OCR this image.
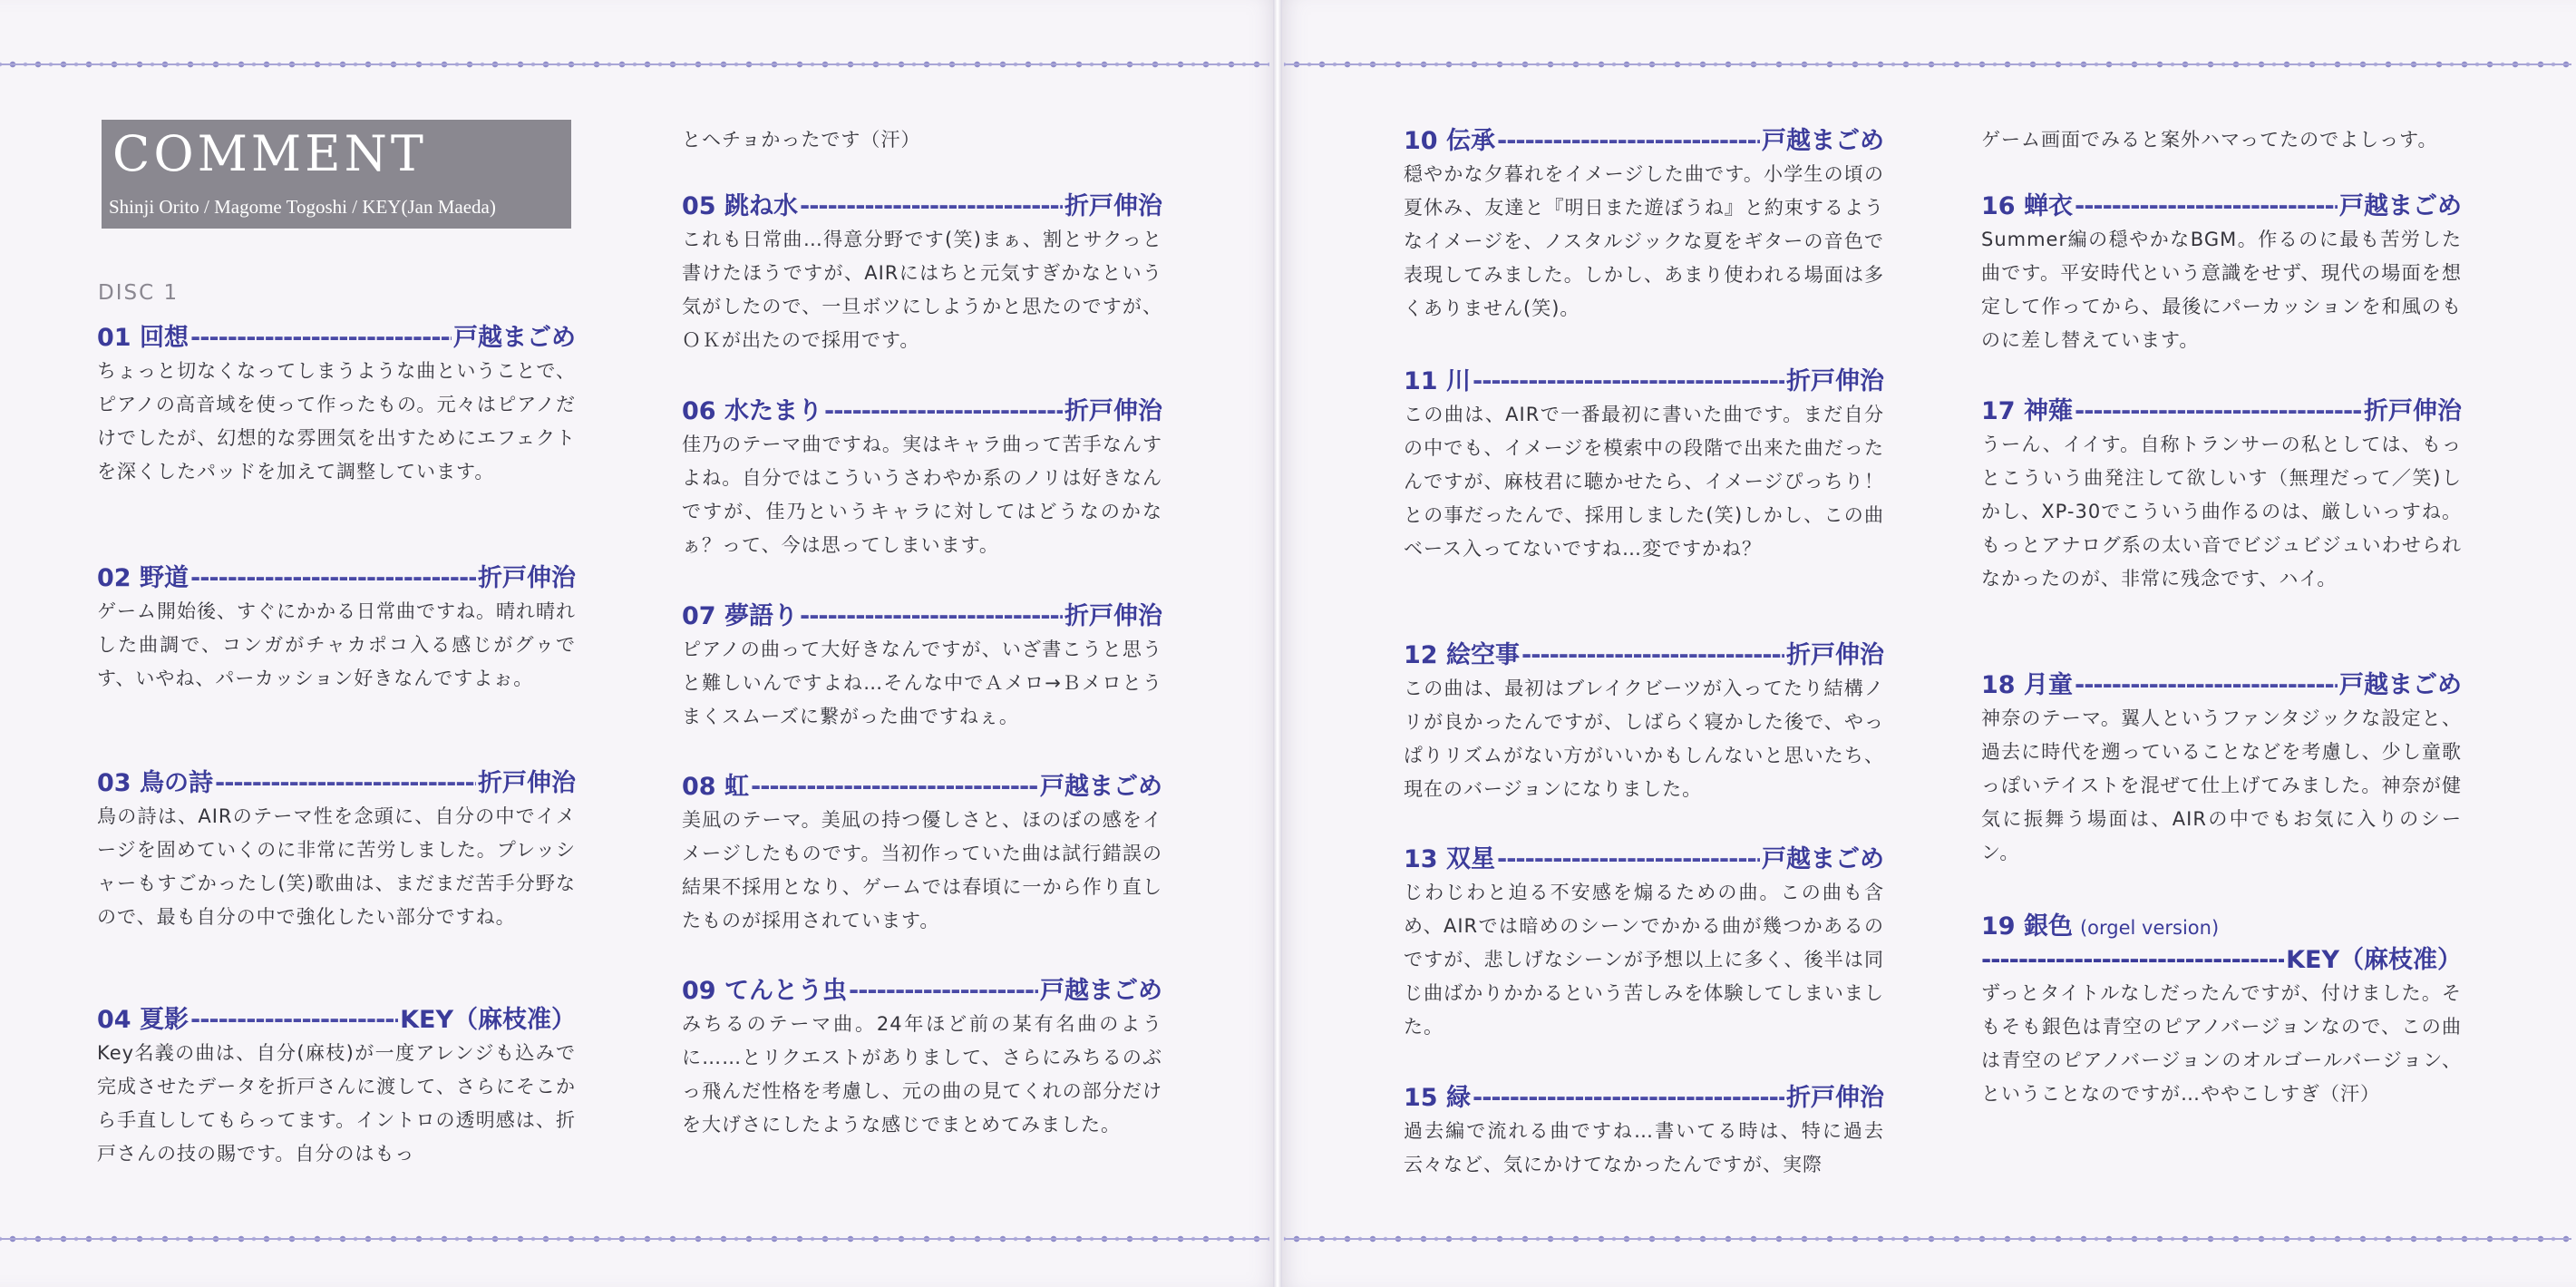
COMMENT
Shinji Orito / Magome Togoshi / KEY(Jan Maeda)
DISC 1
01
回想 -----	戸越まごめ
ちょっと切なくなってしまうような曲ということで、ピアノの高音域を使って作ったもの。元々はピアノだけでしたが、幻想的な雰囲気を出すためにエフェクトを深くしたパッドを加えて調整しています。
02
野道 -----	折戸伸治
ゲーム開始後、すぐにかかる日常曲ですね。晴れ晴れした曲調で、コンガがチャカポコ入る感じがグゥです、いやね、パーカッション好きなんですよぉ。
03
鳥の詩 -----	折戸伸治
鳥の詩は、AIRのテーマ性を念頭に、自分の中でイメージを固めていくのに非常に苦労しました。プレッシャーもすごかったし(笑)歌曲は、まだまだ苦手分野なので、最も自分の中で強化したい部分ですね。
04
夏影 -----	KEY（麻枝准）
Key名義の曲は、自分(麻枝)が一度アレンジも込みで完成させたデータを折戸さんに渡して、さらにそこから手直ししてもらってます。イントロの透明感は、折戸さんの技の賜です。自分のはもっ
とヘチョかったです（汗）
05
跳ね水 -----	折戸伸治
これも日常曲…得意分野です(笑)まぁ、割とサクっと書けたほうですが、AIRにはちと元気すぎかなという気がしたので、一旦ボツにしようかと思たのですが、ＯＫが出たので採用です。
06
水たまり -----	折戸伸治
佳乃のテーマ曲ですね。実はキャラ曲って苦手なんすよね。自分ではこういうさわやか系のノリは好きなんですが、佳乃というキャラに対してはどうなのかなぁ？って、今は思ってしまいます。
07
夢語り -----	折戸伸治
ピアノの曲って大好きなんですが、いざ書こうと思うと難しいんですよね…そんな中でＡメロ→Ｂメロとうまくスムーズに繋がった曲ですねぇ。
08
虹 -----	戸越まごめ
美凪のテーマ。美凪の持つ優しさと、ほのぼの感をイメージしたものです。当初作っていた曲は試行錯誤の結果不採用となり、ゲームでは春頃に一から作り直したものが採用されています。
09
てんとう虫 -----	戸越まごめ
みちるのテーマ曲。24年ほど前の某有名曲のように……とリクエストがありまして、さらにみちるのぶっ飛んだ性格を考慮し、元の曲の見てくれの部分だけを大げさにしたような感じでまとめてみました。
10
伝承 -----	戸越まごめ
穏やかな夕暮れをイメージした曲です。小学生の頃の夏休み、友達と『明日また遊ぼうね』と約束するようなイメージを、ノスタルジックな夏をギターの音色で表現してみました。しかし、あまり使われる場面は多くありません(笑)。
11
川 -----	折戸伸治
この曲は、AIRで一番最初に書いた曲です。まだ自分の中でも、イメージを模索中の段階で出来た曲だったんですが、麻枝君に聴かせたら、イメージぴっちり！との事だったんで、採用しました(笑)しかし、この曲ベース入ってないですね…変ですかね？
12
絵空事 -----	折戸伸治
この曲は、最初はブレイクビーツが入ってたり結構ノリが良かったんですが、しばらく寝かした後で、やっぱりリズムがない方がいいかもしんないと思いたち、現在のバージョンになりました。
13
双星 -----	戸越まごめ
じわじわと迫る不安感を煽るための曲。この曲も含め、AIRでは暗めのシーンでかかる曲が幾つかあるのですが、悲しげなシーンが予想以上に多く、後半は同じ曲ばかりかかるという苦しみを体験してしまいました。
15
緑 -----	折戸伸治
過去編で流れる曲ですね…書いてる時は、特に過去云々など、気にかけてなかったんですが、実際
ゲーム画面でみると案外ハマってたのでよしっす。
16
蝉衣 -----	戸越まごめ
Summer編の穏やかなBGM。作るのに最も苦労した曲です。平安時代という意識をせず、現代の場面を想定して作ってから、最後にパーカッションを和風のものに差し替えています。
17
神薙 -----	折戸伸治
うーん、イイす。自称トランサーの私としては、もっとこういう曲発注して欲しいす（無理だって／笑)しかし、XP-30でこういう曲作るのは、厳しいっすね。もっとアナログ系の太い音でビジュビジュいわせられなかったのが、非常に残念です、ハイ。
18
月童 -----	戸越まごめ
神奈のテーマ。翼人というファンタジックな設定と、過去に時代を遡っていることなどを考慮し、少し童歌っぽいテイストを混ぜて仕上げてみました。神奈が健気に振舞う場面は、AIRの中でもお気に入りのシーン。
19
銀色 (orgel version)
-----
KEY（麻枝准）
ずっとタイトルなしだったんですが、付けました。そもそも銀色は青空のピアノバージョンなので、この曲は青空のピアノバージョンのオルゴールバージョン、ということなのですが…ややこしすぎ（汗）
